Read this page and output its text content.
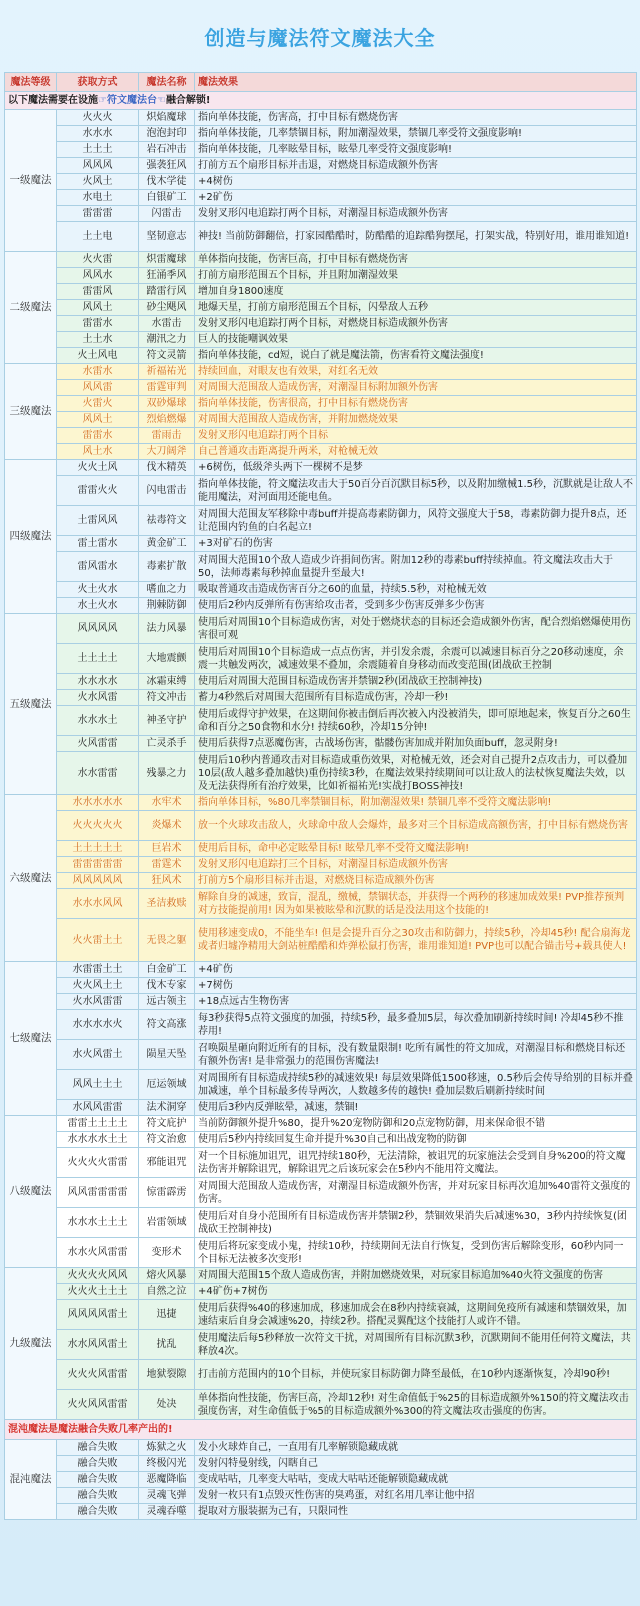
创造与魔法符文魔法大全
魔法等级	获取方式	魔法名称	魔法效果
以下魔法需要在设施☞符文魔法台☜融合解锁!			
一级魔法	火火火	炽焰魔球	指向单体技能，伤害高，打中目标有燃烧伤害
	水水水	泡泡封印	指向单体技能，几率禁锢目标，附加潮湿效果，禁锢几率受符文强度影响!
	土土土	岩石冲击	指向单体技能，几率眩晕目标，眩晕几率受符文强度影响!
	风风风	强袭狂风	打前方五个扇形目标并击退，对燃烧目标造成额外伤害
	火风土	伐木学徒	+4树伤
	水电土	白银矿工	+2矿伤
	雷雷雷	闪雷击	发射叉形闪电追踪打两个目标，对潮湿目标造成额外伤害
	土土电	坚韧意志	神技! 当前防御翻倍，打家园酷酷时，防酷酷的追踪酷狗摆尾，打架实战，特别好用，谁用谁知道!
二级魔法	火火雷	炽雷魔球	单体指向技能，伤害巨高，打中目标有燃烧伤害
	风风水	狂涌季风	打前方扇形范围五个目标，并且附加潮湿效果
	雷雷风	踏雷行风	增加自身1800速度
	风风土	砂尘飓风	地爆天星，打前方扇形范围五个目标，闪晕敌人五秒
	雷雷水	水雷击	发射叉形闪电追踪打两个目标，对燃烧目标造成额外伤害
	土土水	潮汛之力	巨人的技能嘲讽效果
	火土风电	符文灵箭	指向单体技能，cd短，说白了就是魔法箭，伤害看符文魔法强度!
三级魔法	水雷水	祈福祐光	持续回血，对眼友也有效果，对红名无效
	风风雷	雷霆审判	对周围大范围敌人造成伤害，对潮湿目标附加额外伤害
	火雷火	双砂爆球	指向单体技能，伤害很高，打中目标有燃烧伤害
	风风土	烈焰燃爆	对周围大范围敌人造成伤害，并附加燃烧效果
	雷雷水	雷雨击	发射叉形闪电追踪打两个目标
	风土水	大刀阔斧	自己普通攻击距离提升两米，对枪械无效
四级魔法	火火土风	伐木精英	+6树伤，低级斧头两下一棵树不是梦
	雷雷火火	闪电雷击	指向单体技能，符文魔法攻击大于50百分百沉默目标5秒，以及附加缴械1.5秒，沉默就是让敌人不能用魔法，对河面用还能电鱼。
	土雷风风	祛毒符文	对周围大范围友军移除中毒buff并提高毒素防御力，风符文强度大于58，毒素防御力提升8点，还让范围内钓鱼的白名起立!
	雷土雷水	黄金矿工	+3对矿石的伤害
	雷风雷水	毒素扩散	对周围大范围10个敌人造成少许捐间伤害。附加12秒的毒素buff持续掉血。符文魔法攻击大于50，法师毒素每秒掉血量提升至最大!
	火土火水	嗜血之力	吸取普通攻击造成伤害百分之60的血量，持续5.5秒，对枪械无效
	水土火水	荆棘防御	使用后2秒内反弹所有伤害给攻击者，受到多少伤害反弹多少伤害
五级魔法	风风风风	法力风暴	使用后对周围10个目标造成伤害，对处于燃烧状态的目标还会造成额外伤害，配合烈焰燃爆使用伤害很可观
	土土土土	大地震颤	使用后对周围10个目标造成一点点伤害，并引发余震，余震可以减速目标百分之20移动速度，余震一共触发两次，减速效果不叠加，余震随着自身移动而改变范围(团战砍王控制
	水水水水	冰霜束缚	使用后对周围大范围目标造成伤害并禁锢2秒(团战砍王控制神技)
	火水风雷	符文冲击	蓄力4秒然后对周围大范围所有目标造成伤害，冷却一秒!
	水水水土	神圣守护	使用后或得守护效果，在这期间你被击倒后再次被入内没被消失，即可原地起来，恢复百分之60生命和百分之50食物和水分! 持续60秒，冷却15分钟!
	火风雷雷	亡灵杀手	使用后获得7点恶魔伤害，古战场伤害，骷髅伤害加成并附加负面buff，忽灵附身!
	水水雷雷	残暴之力	使用后10秒内普通攻击对目标造成重伤效果，对枪械无效，还会对自己提升2点攻击力，可以叠加10层(敌人越多叠加越快)重伤持续3秒，在魔法效果持续期间可以让敌人的法杖恢复魔法失效，以及无法获得所有治疗效果，比如祈福祐光!实战打BOSS神技!
六级魔法	水水水水水	水牢术	指向单体目标，%80几率禁锢目标，附加潮湿效果! 禁锢几率不受符文魔法影响!
	火火火火火	炎爆术	放一个火球攻击敌人，火球命中敌人会爆炸，最多对三个目标造成高额伤害，打中目标有燃烧伤害
	土土土土土	巨岩术	使用后目标，命中必定眩晕目标! 眩晕几率不受符文魔法影响!
	雷雷雷雷雷	雷霆术	发射叉形闪电追踪打三个目标，对潮湿目标造成额外伤害
	风风风风风	狂风术	打前方5个扇形目标并击退，对燃烧目标造成额外伤害
	水水水风风	圣洁救赎	解除自身的减速，致盲，混乱，缴械，禁锢状态，并获得一个两秒的移速加成效果! PVP推荐预判对方技能提前用! 因为如果被眩晕和沉默的话是没法用这个技能的!
	火火雷土土	无畏之躯	使用移速变成0，不能坐车! 但是会提升百分之30攻击和防御力，持续5秒，冷却45秒! 配合扇海龙或者归墟净精用大剑站桩酷酷和炸弹松鼠打伤害，谁用谁知道! PVP也可以配合锚击号+载具使人!
七级魔法	水雷雷土土	白金矿工	+4矿伤
	火火风土土	伐木专家	+7树伤
	火水风雷雷	远古领主	+18点远古生物伤害
	水水水水火	符文高涨	每3秒获得5点符文强度的加强，持续5秒，最多叠加5层，每次叠加刷新持续时间! 冷却45秒不推荐用!
	水火风雷土	陨星天坠	召唤陨星砸向附近所有的目标，没有数量限制! 吃所有属性的符文加成，对潮湿目标和燃烧目标还有额外伤害! 是非常强力的范围伤害魔法!
	风风土土土	厄运领域	对周围所有目标造成持续5秒的减速效果! 每层效果降低1500移速，0.5秒后会传导给别的目标并叠加减速，单个目标最多传导两次，人数越多传的越快! 叠加层数后刷新持续时间
	水风风雷雷	法术洞穿	使用后3秒内反弹眩晕，减速，禁锢!
八级魔法	雷雷土土土土	符文庇护	当前防御额外提升%80，提升%20宠物防御和20点宠物防御，用来保命很不错
	水水水水土土	符文治愈	使用后5秒内持续回复生命并提升%30自己和出战宠物的防御
	火火火火雷雷	邪能诅咒	对一个目标施加诅咒，诅咒持续180秒，无法清除，被诅咒的玩家施法会受到自身%200的符文魔法伤害并解除诅咒，解除诅咒之后该玩家会在5秒内不能用符文魔法。
	风风雷雷雷雷	惊雷霹雳	对周围大范围敌人造成伤害，对潮湿目标造成额外伤害，并对玩家目标再次追加%40雷符文强度的伤害。
	水水水土土土	岩雷领域	使用后对自身小范围所有目标造成伤害并禁锢2秒，禁锢效果消失后减速%30，3秒内持续恢复(团战砍王控制神技)
	水水火风雷雷	变形术	使用后将玩家变成小鬼，持续10秒，持续期间无法自行恢复，受到伤害后解除变形，60秒内同一个目标无法被多次变形!
九级魔法	火火火火风风	熔火风暴	对周围大范围15个敌人造成伤害，并附加燃烧效果，对玩家目标追加%40火符文强度的伤害
	火火火土土土	自然之泣	+4矿伤+7树伤
	风风风风雷土	迅捷	使用后获得%40的移速加成，移速加成会在8秒内持续衰减，这期间免疫所有减速和禁锢效果，加速结束后自身会减速%20，持续2秒。搭配灵翼配这个技能打人或许不错。
	水水风风雷土	扰乱	使用魔法后每5秒释放一次符文干扰，对周围所有目标沉默3秒，沉默期间不能用任何符文魔法，共释放4次。
	火火火风雷雷	地狱裂隙	打击前方范围内的10个目标，并使玩家目标防御力降至最低，在10秒内逐渐恢复，冷却90秒!
	火火风风雷雷	处决	单体指向性技能，伤害巨高，冷却12秒! 对生命值低于%25的目标造成额外%150的符文魔法攻击强度伤害，对生命值低于%5的目标造成额外%300的符文魔法攻击强度的伤害。
混沌魔法是魔法融合失败几率产出的!			
混沌魔法	融合失败	炼狱之火	发小火球炸自己，一直用有几率解锁隐藏成就
	融合失败	终极闪光	发射闪特曼射线，闪瞎自己
	融合失败	恶魔降临	变成咕咕，几率变大咕咕，变成大咕咕还能解锁隐藏成就
	融合失败	灵魂飞弹	发射一枚只有1点毁灭性伤害的臭鸡蛋，对红名用几率让他中招
	融合失败	灵魂吞噬	提取对方服装据为己有，只限同性
